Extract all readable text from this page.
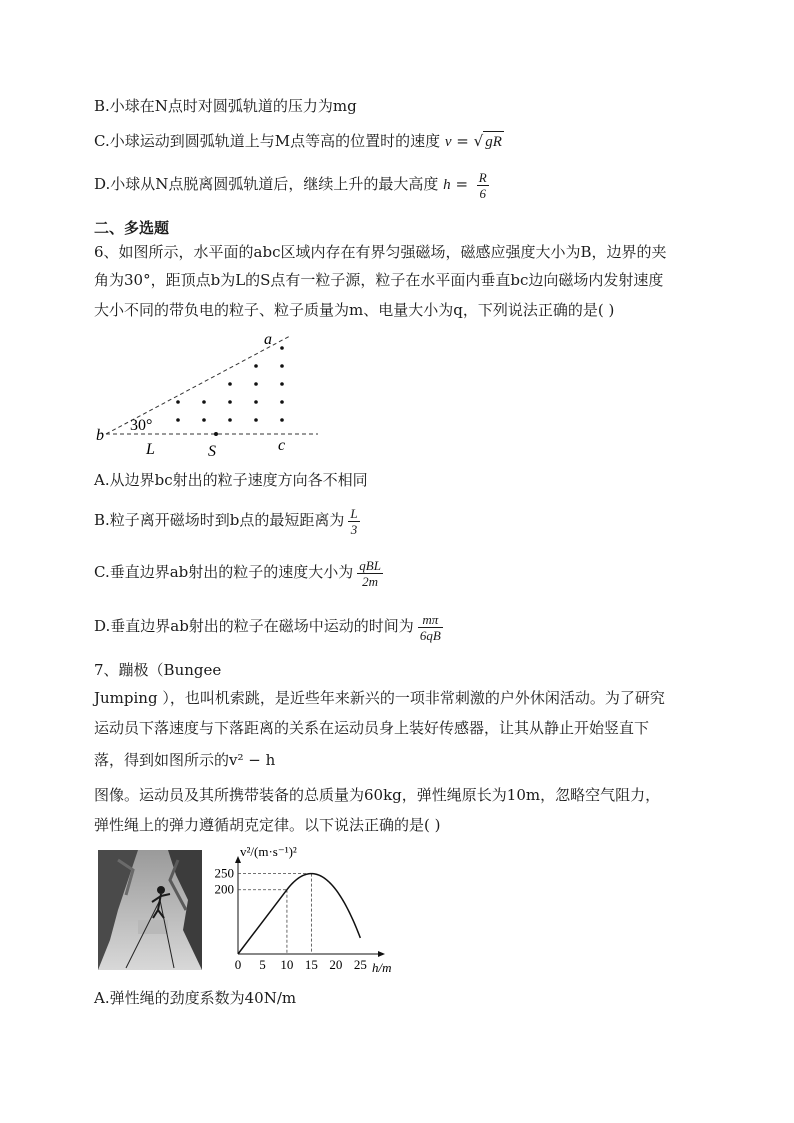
B.小球在N点时对圆弧轨道的压力为mg
C.小球运动到圆弧轨道上与M点等高的位置时的速度 v = √ gR
D.小球从N点脱离圆弧轨道后，继续上升的最大高度 $h = \frac{R}{6}$
二、多选题
6、如图所示，水平面的abc区域内存在有界匀强磁场，磁感应强度大小为B，边界的夹
角为30°，距顶点b为L的S点有一粒子源，粒子在水平面内垂直bc边向磁场内发射速度
大小不同的带负电的粒子、粒子质量为m、电量大小为q，下列说法正确的是( )
a
b
c
L	S
30°
A.从边界bc射出的粒子速度方向各不相同
B.粒子离开磁场时到b点的最短距离为 $\frac{L}{3}$
C.垂直边界ab射出的粒子的速度大小为 $\frac{\text{qBL}}{2m}$
D.垂直边界ab射出的粒子在磁场中运动的时间为 $\frac{m\pi}{6qB}$
7、蹦极（Bungee
Jumping ），也叫机索跳，是近些年来新兴的一项非常刺激的户外休闲活动。为了研究
运动员下落速度与下落距离的关系在运动员身上装好传感器，让其从静止开始竖直下
落，得到如图所示的v² − h
图像。运动员及其所携带装备的总质量为60kg，弹性绳原长为10m，忽略空气阻力，
弹性绳上的弹力遵循胡克定律。以下说法正确的是( )
v²/(m·s⁻¹)²
h/m
0 5 10 15 20 25
200
250
A.弹性绳的劲度系数为40N/m
